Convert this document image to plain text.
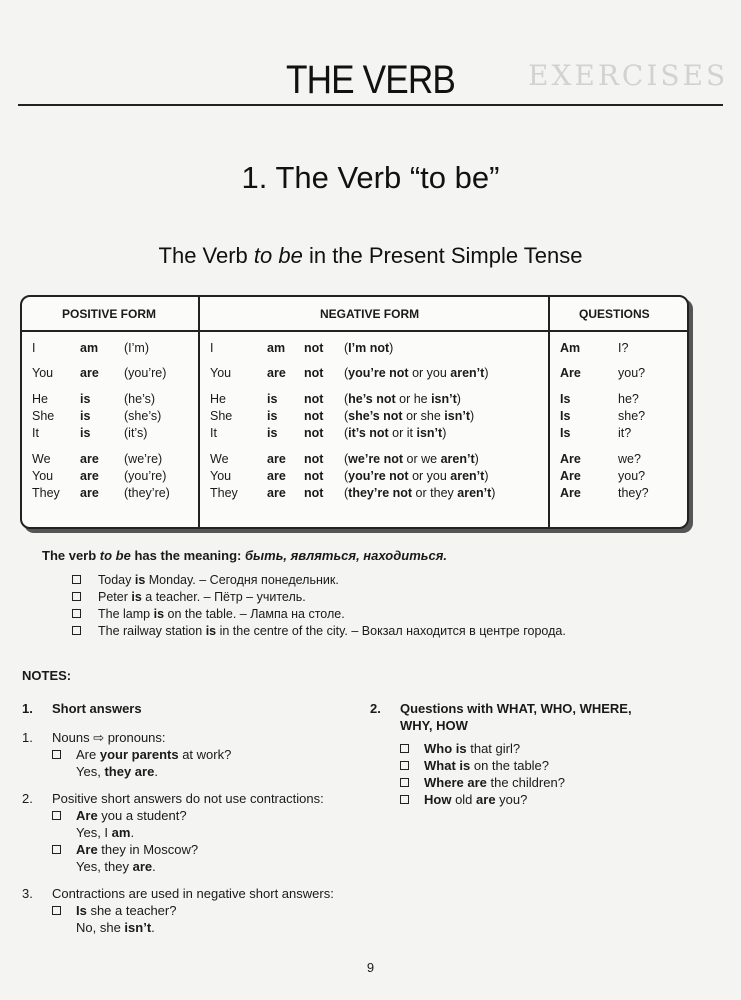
EXERCISES
THE VERB
1. The Verb “to be”
The Verb to be in the Present Simple Tense
POSITIVE FORM	NEGATIVE FORM	QUESTIONS
I	am (I’m)	I	am not (I’m not)	Am	I?
You are (you’re)	You	are not (you’re not or you aren’t)	Are	you?
He	is	(he’s)	He	is not (he’s not or he isn’t)	Is	he?
She is	(she’s)	She	is not (she’s not or she isn’t)	Is	she?
It	is	(it’s)	It	is not (it’s not or it isn’t)	Is	it?
We are (we’re)	We	are not (we’re not or we aren’t)	Are	we?
You are (you’re)	You	are not (you’re not or you aren’t)	Are	you?
They are (they’re)	They are not (they’re not or they aren’t)	Are	they?
The verb to be has the meaning: быть, являться, находиться.
Today is Monday. – Сегодня понедельник.
Peter is a teacher. – Пётр – учитель.
The lamp is on the table. – Лампа на столе.
The railway station is in the centre of the city. – Вокзал находится в центре города.
NOTES:
1. Short answers
1. Nouns ⇨ pronouns:
Are your parents at work?
Yes, they are.
2. Positive short answers do not use contractions:
Are you a student?
Yes, I am.
Are they in Moscow?
Yes, they are.
3. Contractions are used in negative short answers:
Is she a teacher?
No, she isn’t.
2.	Questions with WHAT, WHO, WHERE, WHY, HOW
Who is that girl?
What is on the table?
Where are the children?
How old are you?
9
